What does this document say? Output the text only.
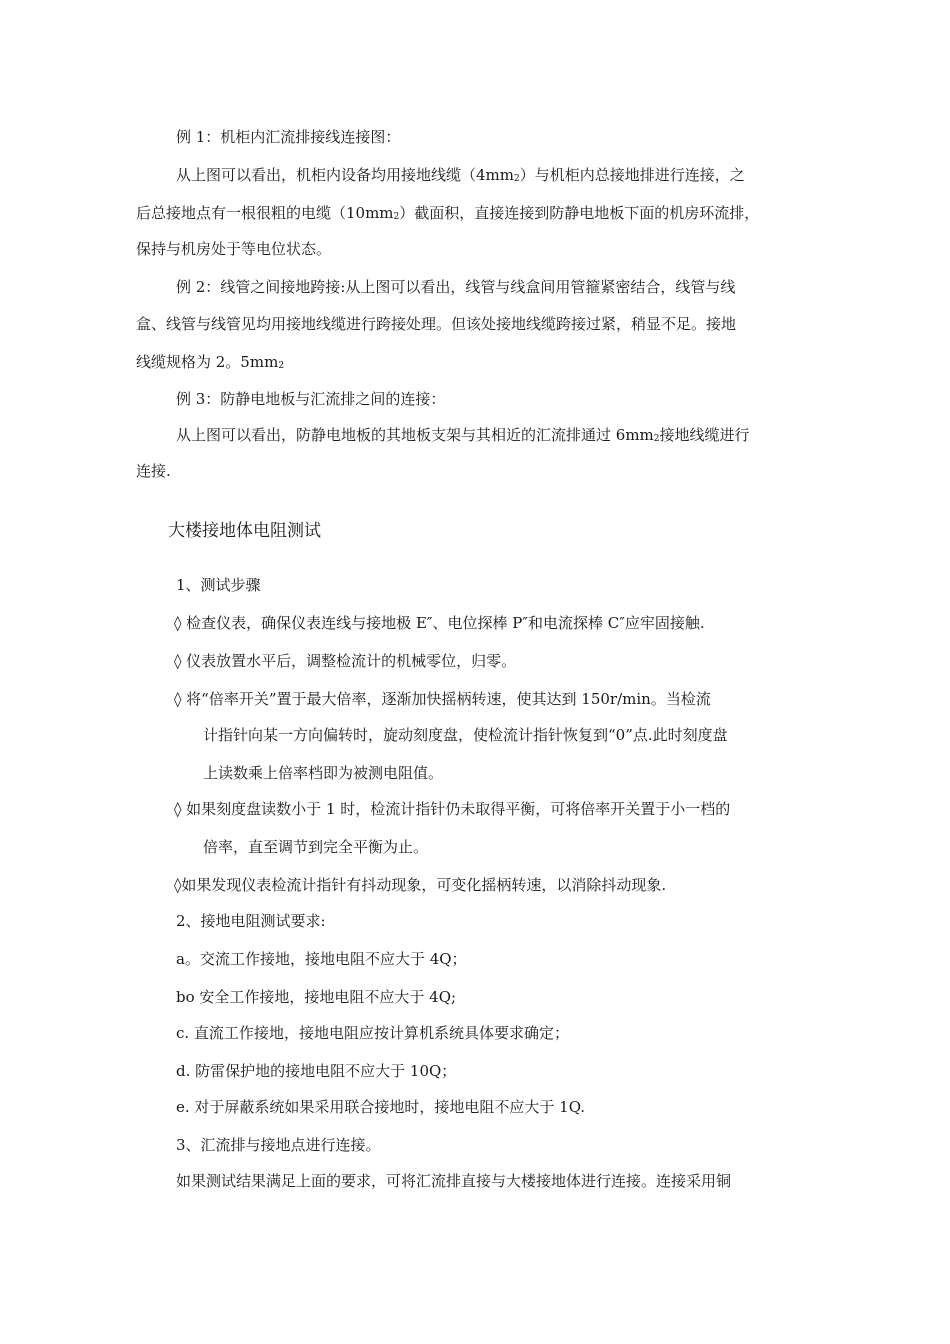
例 1：机柜内汇流排接线连接图：
从上图可以看出，机柜内设备均用接地线缆$(4mm_2)$与机柜内总接地排进行连接，之
后总接地点有一根很粗的电缆$(10mm_2)$截面积，直接连接到防静电地板下面的机房环流排，
保持与机房处于等电位状态。
例 2：线管之间接地跨接:从上图可以看出，线管与线盒间用管箍紧密结合，线管与线
盒、线管与线管见均用接地线缆进行跨接处理。但该处接地线缆跨接过紧，稍显不足。接地
线缆规格为 2。$5mm_2$
例 3：防静电地板与汇流排之间的连接：
从上图可以看出，防静电地板的其地板支架与其相近的汇流排通过 $6mm_2$接地线缆进行
连接.
大楼接地体电阻测试
1、测试步骤
◊ 检查仪表，确保仪表连线与接地极 E″、电位探棒 P″和电流探棒 C″应牢固接触.
◊ 仪表放置水平后，调整检流计的机械零位，归零。
◊ 将“倍率开关”置于最大倍率，逐渐加快摇柄转速，使其达到 150r/min。当检流
计指针向某一方向偏转时，旋动刻度盘，使检流计指针恢复到“0”点.此时刻度盘
上读数乘上倍率档即为被测电阻值。
◊ 如果刻度盘读数小于 1 时，检流计指针仍未取得平衡，可将倍率开关置于小一档的
倍率，直至调节到完全平衡为止。
◊如果发现仪表检流计指针有抖动现象，可变化摇柄转速，以消除抖动现象.
2、接地电阻测试要求:
a。交流工作接地，接地电阻不应大于 4Q；
bo 安全工作接地，接地电阻不应大于 4Q;
c. 直流工作接地，接地电阻应按计算机系统具体要求确定；
d. 防雷保护地的接地电阻不应大于 10Q；
e. 对于屏蔽系统如果采用联合接地时，接地电阻不应大于 1Q.
3、汇流排与接地点进行连接。
如果测试结果满足上面的要求，可将汇流排直接与大楼接地体进行连接。连接采用铜
